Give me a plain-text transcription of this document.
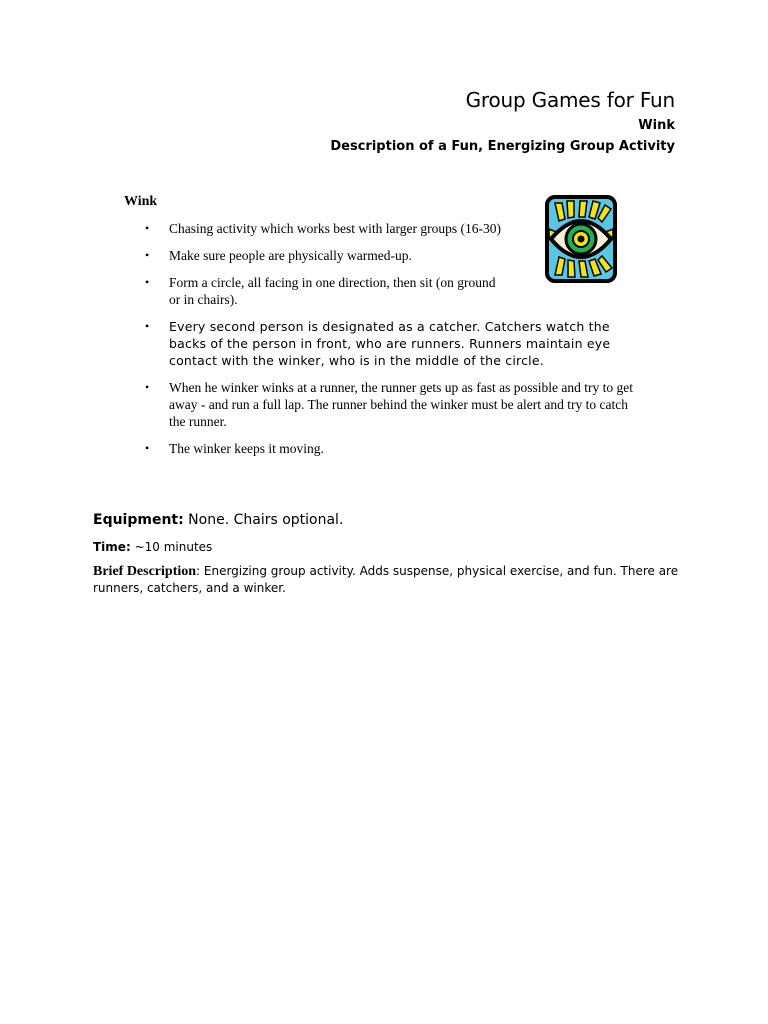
Group Games for Fun
Wink
Description of a Fun, Energizing Group Activity
Wink
• Chasing activity which works best with larger groups (16-30)
• Make sure people are physically warmed-up.
• Form a circle, all facing in one direction, then sit (on ground or in chairs).
• Every second person is designated as a catcher. Catchers watch the backs of the person in front, who are runners. Runners maintain eye contact with the winker, who is in the middle of the circle.
• When he winker winks at a runner, the runner gets up as fast as possible and try to get away - and run a full lap. The runner behind the winker must be alert and try to catch the runner.
• The winker keeps it moving.
Equipment: None. Chairs optional.
Time: ~10 minutes
Brief Description: Energizing group activity. Adds suspense, physical exercise, and fun. There are runners, catchers, and a winker.
